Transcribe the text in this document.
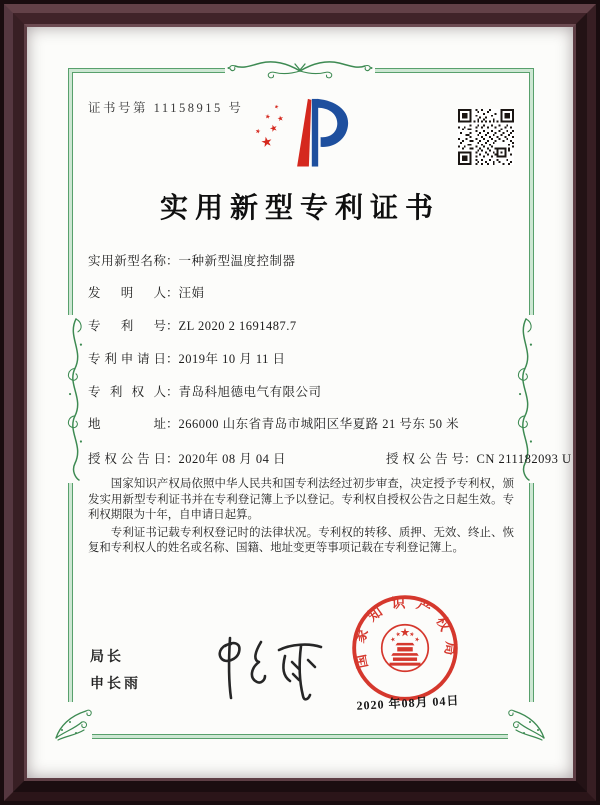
证书号第 11158915 号
实用新型专利证书
实用新型名称：一种新型温度控制器
发明人：汪娟
专利号：ZL 2020 2 1691487.7
专利申请日：2019年 10 月 11 日
专利权人：青岛科旭德电气有限公司
地址：266000 山东省青岛市城阳区华夏路 21 号东 50 米
授权公告日：2020年 08 月 04 日	授权公告号：CN 211182093 U

国家知识产权局依照中华人民共和国专利法经过初步审查，决定授予专利权，颁发实用新型专利证书并在专利登记簿上予以登记。专利权自授权公告之日起生效。专利权期限为十年，自申请日起算。

专利证书记载专利权登记时的法律状况。专利权的转移、质押、无效、终止、恢复和专利权人的姓名或名称、国籍、地址变更等事项记载在专利登记簿上。

局长
申长雨
国家知识产权局
2020 年08月 04日
